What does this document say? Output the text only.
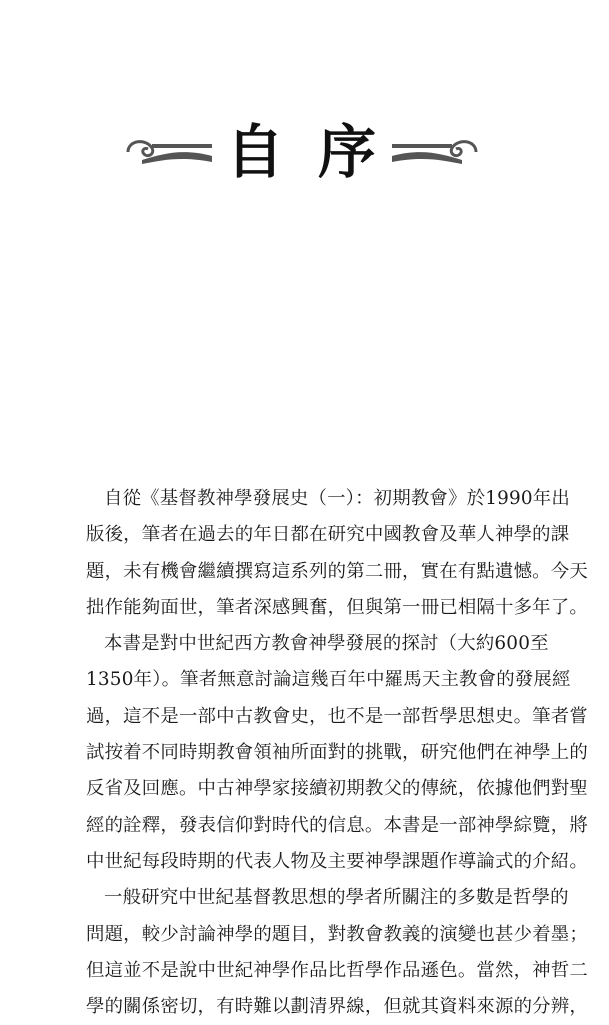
自 序

自從《基督教神學發展史（一）：初期教會》於1990年出
版後，筆者在過去的年日都在研究中國教會及華人神學的課
題，未有機會繼續撰寫這系列的第二冊，實在有點遺憾。今天
拙作能夠面世，筆者深感興奮，但與第一冊已相隔十多年了。

本書是對中世紀西方教會神學發展的探討（大約600至
1350年）。筆者無意討論這幾百年中羅馬天主教會的發展經
過，這不是一部中古教會史，也不是一部哲學思想史。筆者嘗
試按着不同時期教會領袖所面對的挑戰，研究他們在神學上的
反省及回應。中古神學家接續初期教父的傳統，依據他們對聖
經的詮釋，發表信仰對時代的信息。本書是一部神學綜覽，將
中世紀每段時期的代表人物及主要神學課題作導論式的介紹。

一般研究中世紀基督教思想的學者所關注的多數是哲學的
問題，較少討論神學的題目，對教會教義的演變也甚少着墨；
但這並不是說中世紀神學作品比哲學作品遜色。當然，神哲二
學的關係密切，有時難以劃清界線，但就其資料來源的分辨，
